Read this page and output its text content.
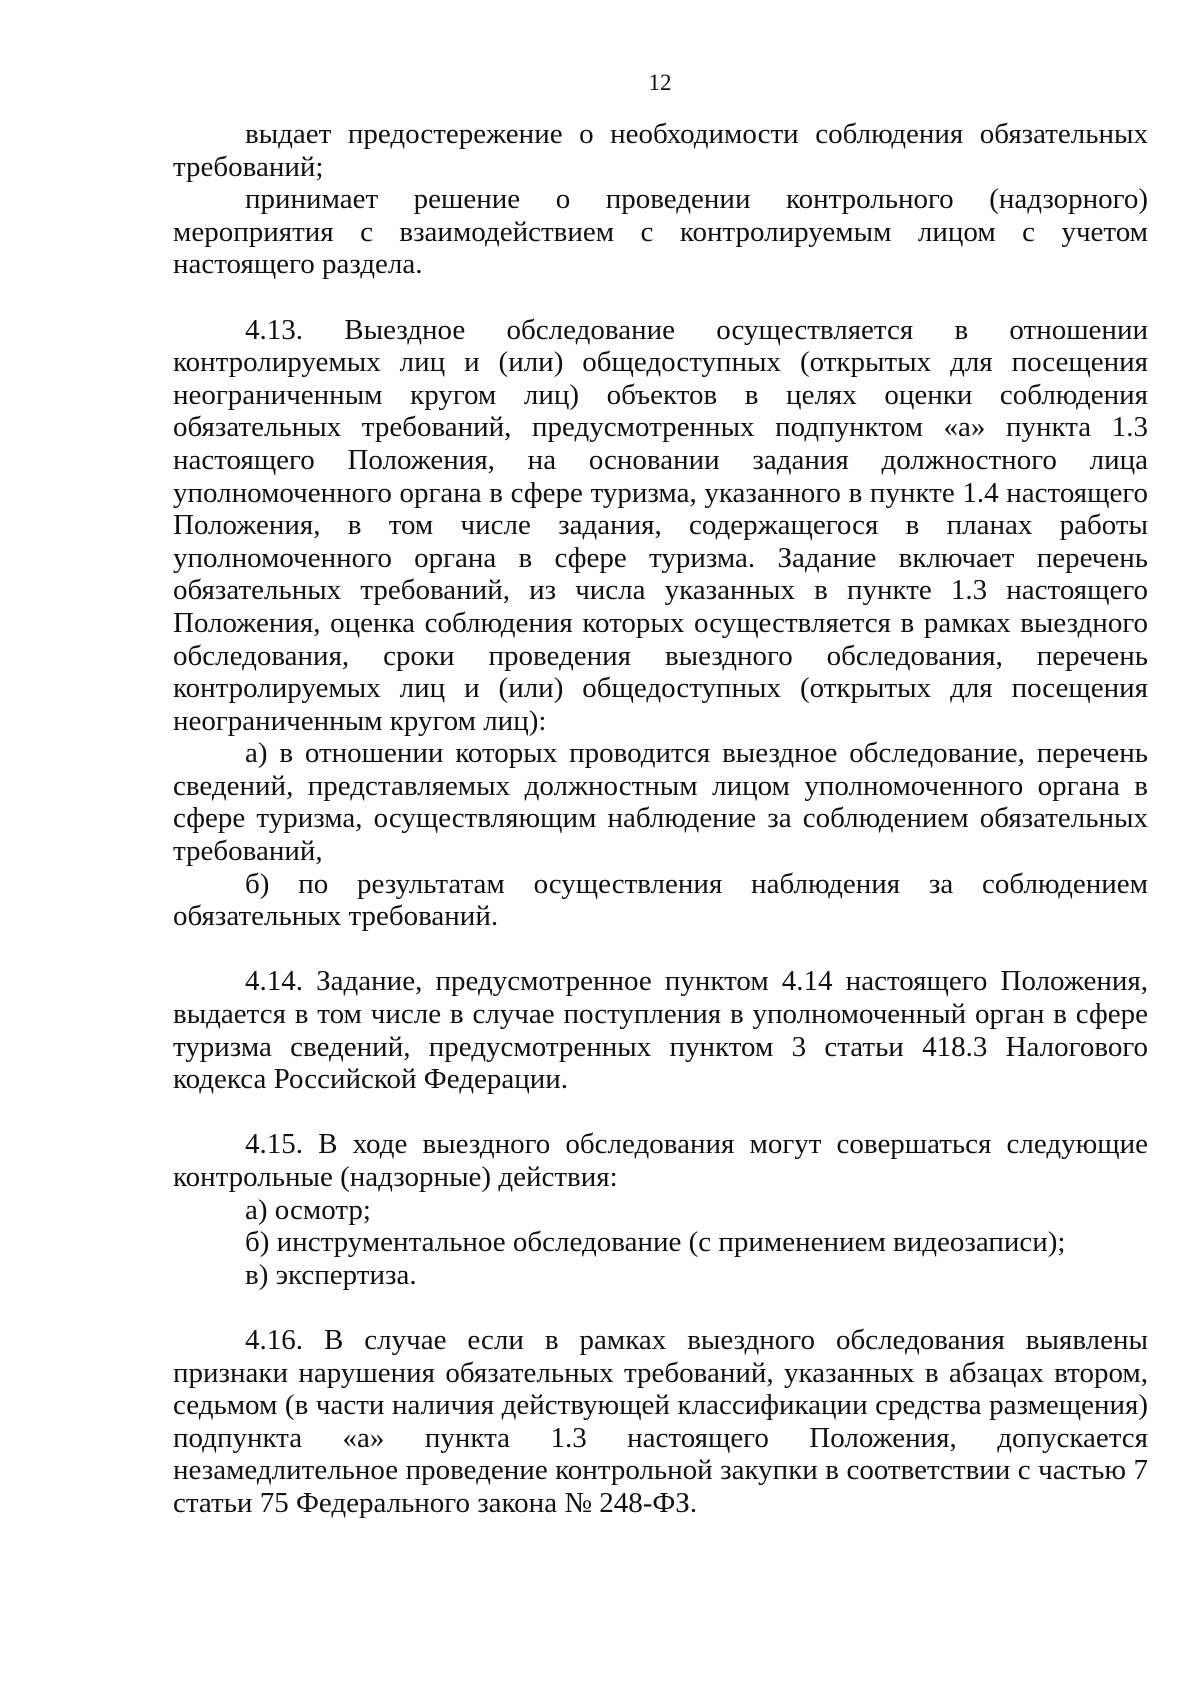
12

выдает предостережение о необходимости соблюдения обязательных требований;

принимает решение о проведении контрольного (надзорного) мероприятия с взаимодействием с контролируемым лицом с учетом настоящего раздела.

4.13. Выездное обследование осуществляется в отношении контролируемых лиц и (или) общедоступных (открытых для посещения неограниченным кругом лиц) объектов в целях оценки соблюдения обязательных требований, предусмотренных подпунктом «а» пункта 1.3 настоящего Положения, на основании задания должностного лица уполномоченного органа в сфере туризма, указанного в пункте 1.4 настоящего Положения, в том числе задания, содержащегося в планах работы уполномоченного органа в сфере туризма. Задание включает перечень обязательных требований, из числа указанных в пункте 1.3 настоящего Положения, оценка соблюдения которых осуществляется в рамках выездного обследования, сроки проведения выездного обследования, перечень контролируемых лиц и (или) общедоступных (открытых для посещения неограниченным кругом лиц):

а) в отношении которых проводится выездное обследование, перечень сведений, представляемых должностным лицом уполномоченного органа в сфере туризма, осуществляющим наблюдение за соблюдением обязательных требований,

б) по результатам осуществления наблюдения за соблюдением обязательных требований.

4.14. Задание, предусмотренное пунктом 4.14 настоящего Положения, выдается в том числе в случае поступления в уполномоченный орган в сфере туризма сведений, предусмотренных пунктом 3 статьи 418.3 Налогового кодекса Российской Федерации.

4.15. В ходе выездного обследования могут совершаться следующие контрольные (надзорные) действия:

а) осмотр;

б) инструментальное обследование (с применением видеозаписи);

в) экспертиза.

4.16. В случае если в рамках выездного обследования выявлены признаки нарушения обязательных требований, указанных в абзацах втором, седьмом (в части наличия действующей классификации средства размещения) подпункта «а» пункта 1.3 настоящего Положения, допускается незамедлительное проведение контрольной закупки в соответствии с частью 7 статьи 75 Федерального закона № 248-ФЗ.
